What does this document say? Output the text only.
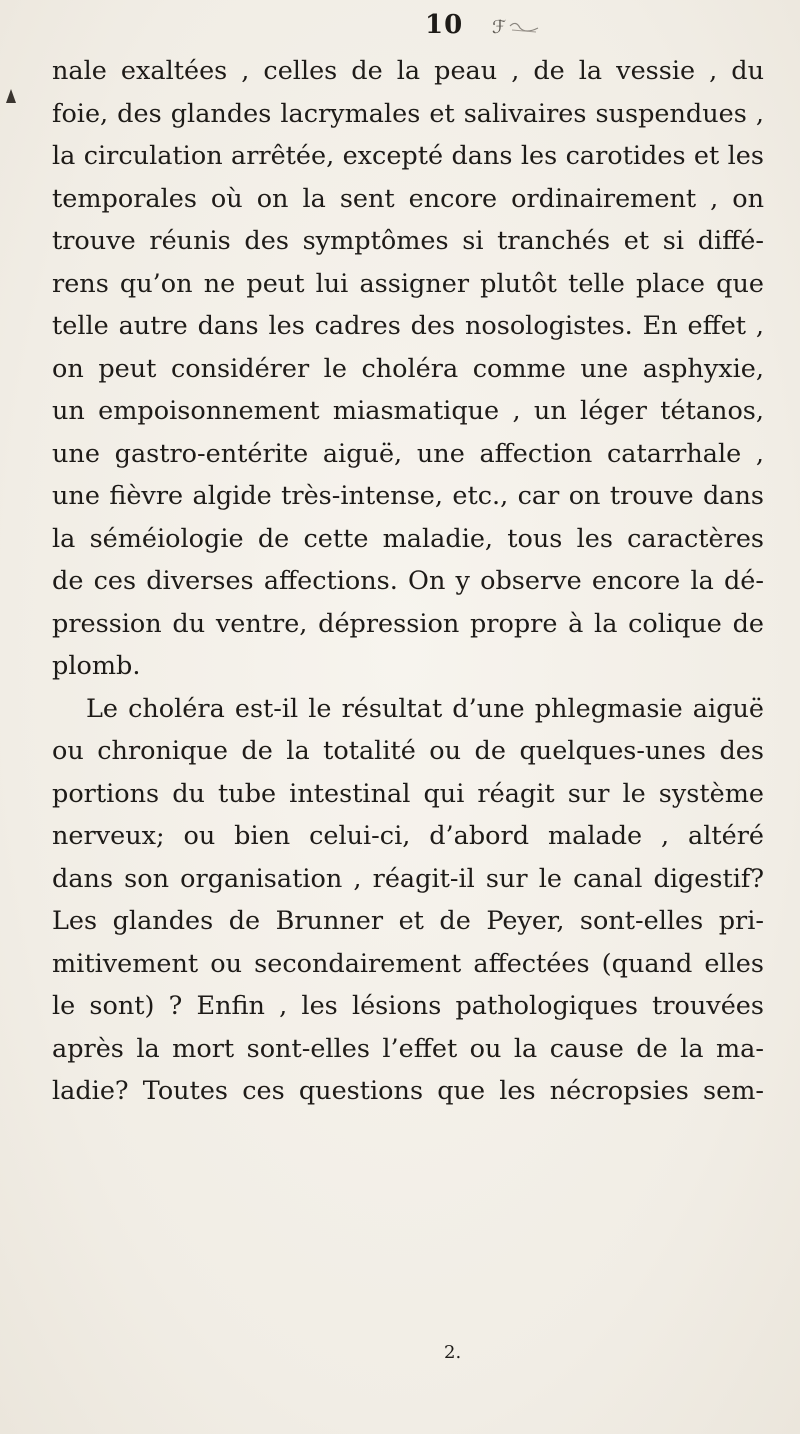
10 ℱ
nale exaltées , celles de la peau , de la vessie , du
foie, des glandes lacrymales et salivaires suspendues ,
la circulation arrêtée, excepté dans les carotides et les
temporales où on la sent encore ordinairement , on
trouve réunis des symptômes si tranchés et si diffé-
rens qu’on ne peut lui assigner plutôt telle place que
telle autre dans les cadres des nosologistes. En effet ,
on peut considérer le choléra comme une asphyxie,
un empoisonnement miasmatique , un léger tétanos,
une gastro-entérite aiguë, une affection catarrhale ,
une fièvre algide très-intense, etc., car on trouve dans
la séméiologie de cette maladie, tous les caractères
de ces diverses affections. On y observe encore la dé-
pression du ventre, dépression propre à la colique de
plomb.
Le choléra est-il le résultat d’une phlegmasie aiguë
ou chronique de la totalité ou de quelques-unes des
portions du tube intestinal qui réagit sur le système
nerveux; ou bien celui-ci, d’abord malade , altéré
dans son organisation , réagit-il sur le canal digestif?
Les glandes de Brunner et de Peyer, sont-elles pri-
mitivement ou secondairement affectées (quand elles
le sont) ? Enfin , les lésions pathologiques trouvées
après la mort sont-elles l’effet ou la cause de la ma-
ladie? Toutes ces questions que les nécropsies sem-
2.
